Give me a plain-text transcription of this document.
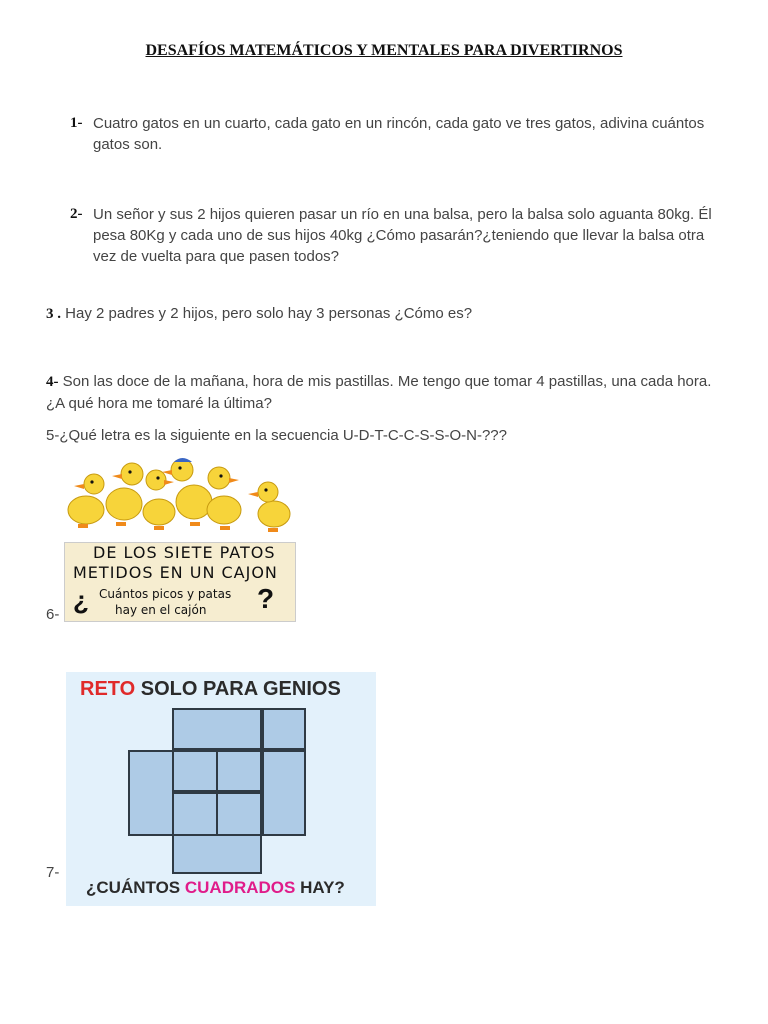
DESAFÍOS MATEMÁTICOS Y MENTALES PARA DIVERTIRNOS
1- Cuatro gatos en un cuarto, cada gato en un rincón, cada gato ve tres gatos, adivina cuántos gatos son.
2- Un señor y sus 2 hijos quieren pasar un río en una balsa, pero la balsa solo aguanta 80kg. Él pesa 80Kg y cada uno de sus hijos 40kg ¿Cómo pasarán?¿teniendo que llevar la balsa otra vez de vuelta para que pasen todos?
3 . Hay 2 padres y 2 hijos, pero solo hay 3 personas ¿Cómo es?
4- Son las doce de la mañana, hora de mis pastillas. Me tengo que tomar 4 pastillas, una cada hora. ¿A qué hora me tomaré la última?
5-¿Qué letra es la siguiente en la secuencia U-D-T-C-C-S-S-O-N-???
6-
DE LOS SIETE PATOS
METIDOS EN UN CAJON
¿ Cuántos picos y patas
hay en el cajón ?
7-
RETO SOLO PARA GENIOS
¿CUÁNTOS CUADRADOS HAY?
